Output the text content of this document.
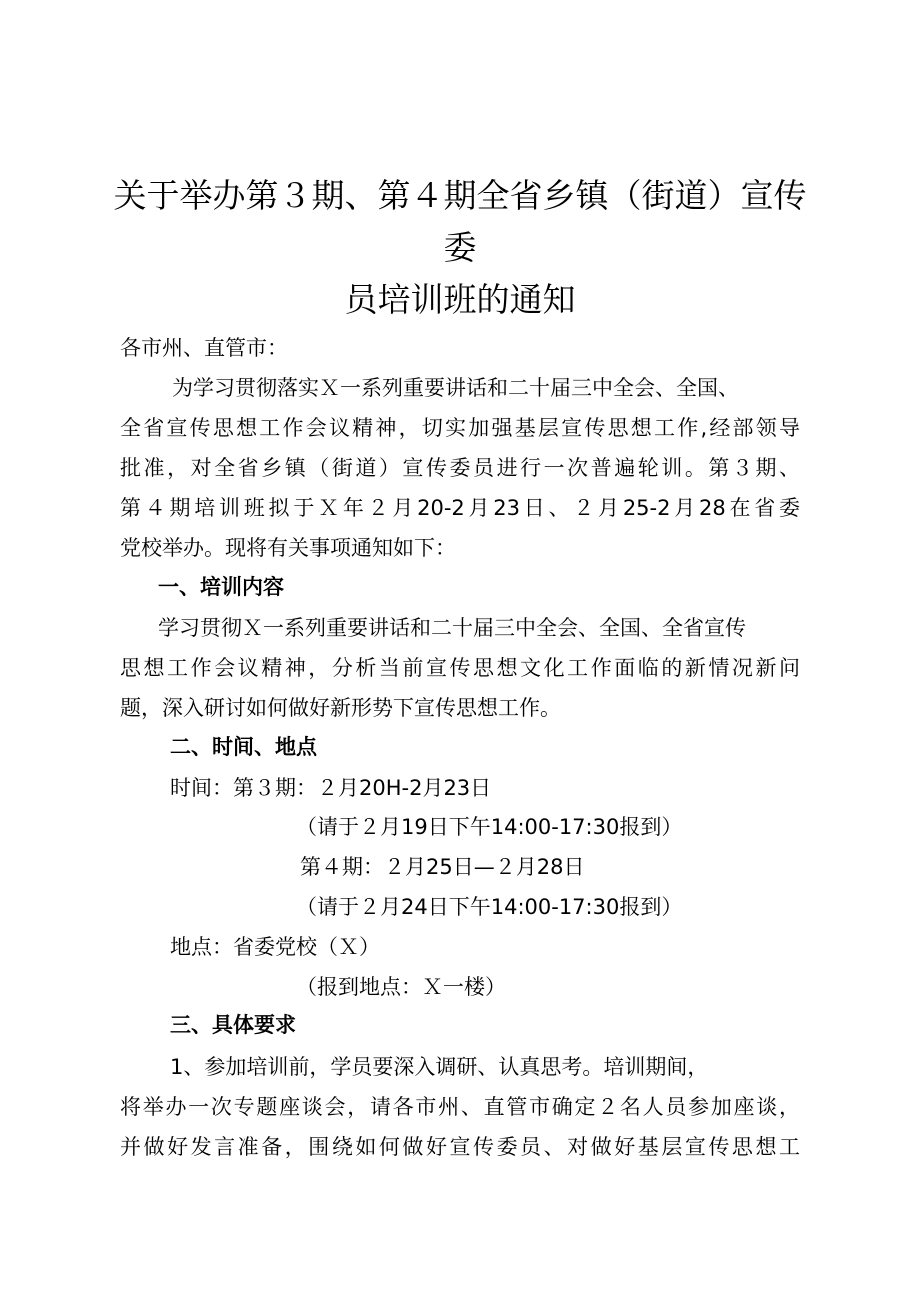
关于举办第３期、第４期全省乡镇（街道）宣传委
员培训班的通知
各市州、直管市：
为学习贯彻落实Ｘ一系列重要讲话和二十届三中全会、全国、
全省宣传思想工作会议精神，切实加强基层宣传思想工作,经部领导
批准，对全省乡镇（街道）宣传委员进行一次普遍轮训。第３期、
第４期培训班拟于Ｘ年２月20-2月23日、２月25-2月28在省委
党校举办。现将有关事项通知如下：
一、培训内容
学习贯彻Ｘ一系列重要讲话和二十届三中全会、全国、全省宣传
思想工作会议精神，分析当前宣传思想文化工作面临的新情况新问
题，深入研讨如何做好新形势下宣传思想工作。
二、时间、地点
时间：第３期：２月20H-2月23日
（请于２月19日下午14:00-17:30报到）
第４期：２月25日—２月28日
（请于２月24日下午14:00-17:30报到）
地点：省委党校（Ｘ）
（报到地点：Ｘ一楼）
三、具体要求
1、参加培训前，学员要深入调研、认真思考。培训期间，
将举办一次专题座谈会，请各市州、直管市确定２名人员参加座谈，
并做好发言准备，围绕如何做好宣传委员、对做好基层宣传思想工
